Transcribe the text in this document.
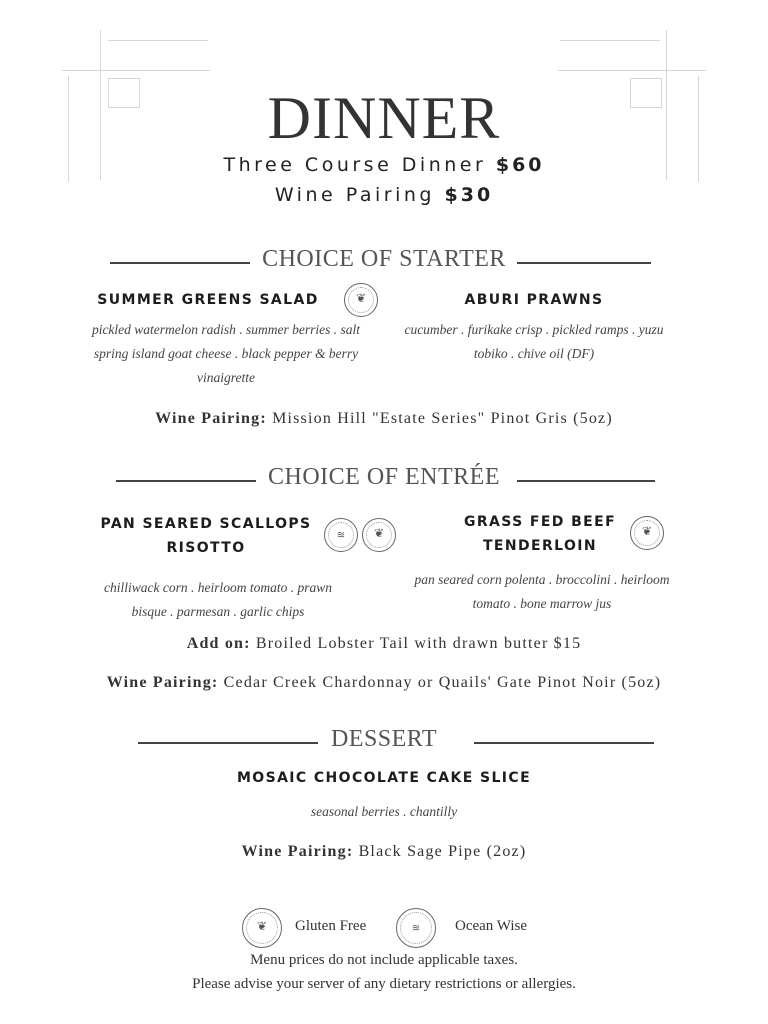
DINNER
Three Course Dinner $60
Wine Pairing $30
CHOICE OF STARTER
SUMMER GREENS SALAD	❦
pickled watermelon radish . summer berries . salt
spring island goat cheese . black pepper & berry
vinaigrette
ABURI PRAWNS
cucumber . furikake crisp . pickled ramps . yuzu
tobiko . chive oil (DF)
Wine Pairing: Mission Hill "Estate Series" Pinot Gris (5oz)
CHOICE OF ENTRÉE
PAN SEARED SCALLOPS
RISOTTO
≋	❦
chilliwack corn . heirloom tomato . prawn
bisque . parmesan . garlic chips
GRASS FED BEEF
TENDERLOIN
❦
pan seared corn polenta . broccolini . heirloom
tomato . bone marrow jus
Add on: Broiled Lobster Tail with drawn butter $15
Wine Pairing: Cedar Creek Chardonnay or Quails' Gate Pinot Noir (5oz)
DESSERT
MOSAIC CHOCOLATE CAKE SLICE
seasonal berries . chantilly
Wine Pairing: Black Sage Pipe (2oz)
❦	Gluten Free	≋	Ocean Wise
Menu prices do not include applicable taxes.
Please advise your server of any dietary restrictions or allergies.
